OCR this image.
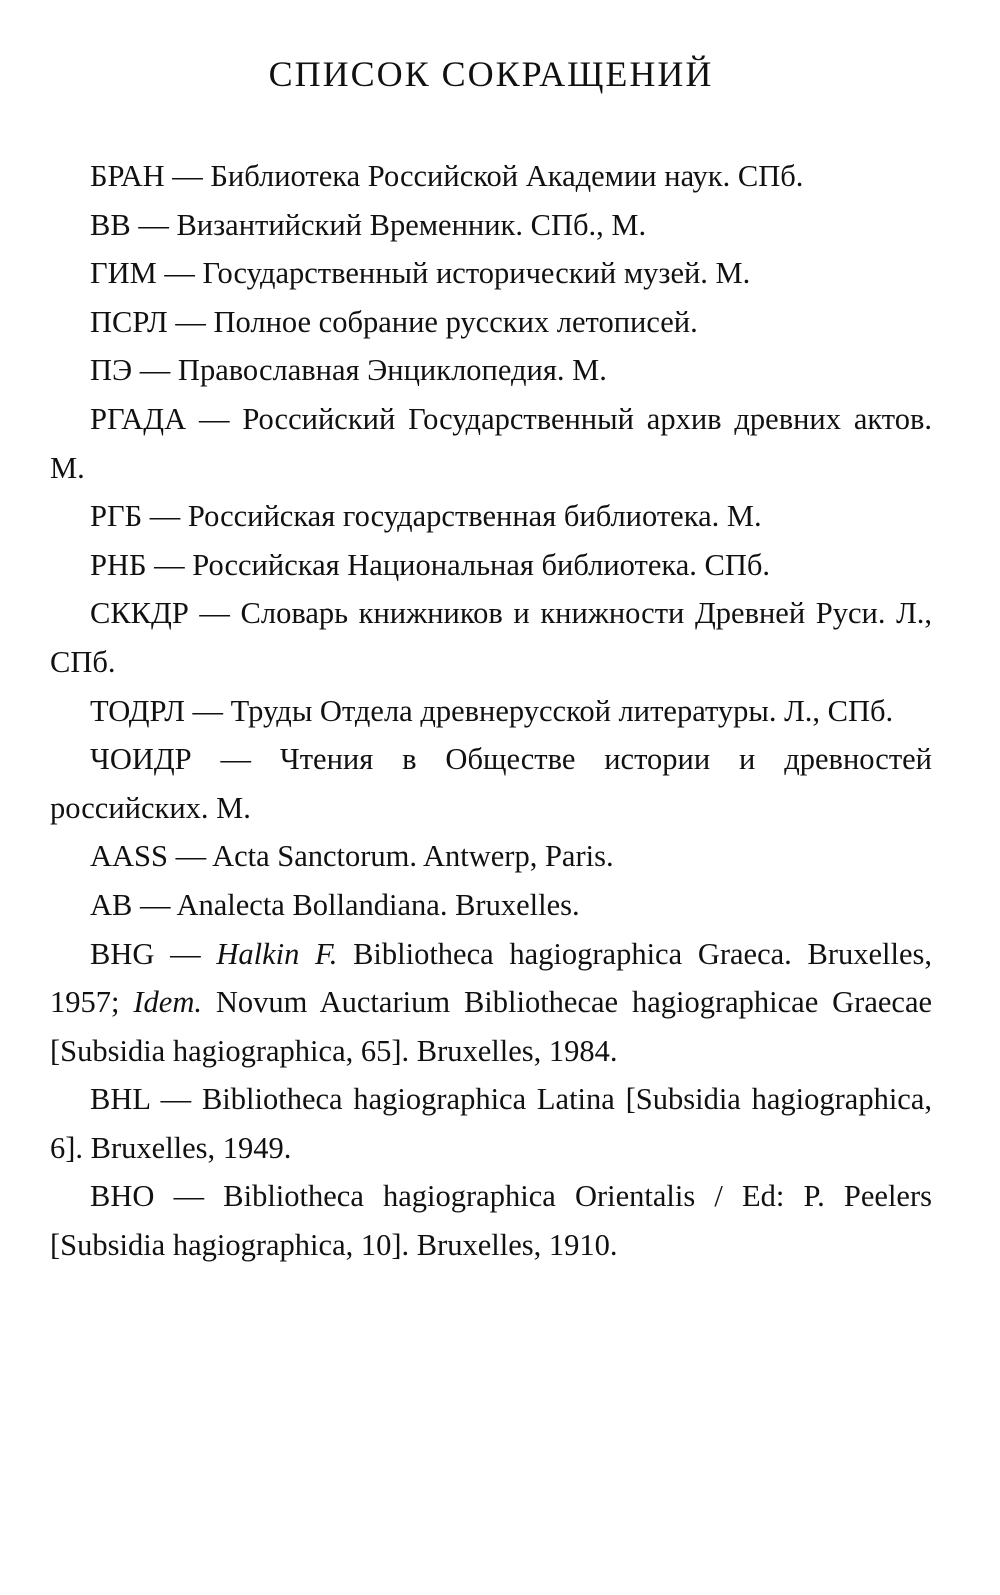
СПИСОК СОКРАЩЕНИЙ

БРАН — Библиотека Российской Академии наук. СПб.

ВВ — Византийский Временник. СПб., М.

ГИМ — Государственный исторический музей. М.

ПСРЛ — Полное собрание русских летописей.

ПЭ — Православная Энциклопедия. М.

РГАДА — Российский Государственный архив древних актов. М.

РГБ — Российская государственная библиотека. М.

РНБ — Российская Национальная библиотека. СПб.

СККДР — Словарь книжников и книжности Древней Руси. Л., СПб.

ТОДРЛ — Труды Отдела древнерусской литературы. Л., СПб.

ЧОИДР — Чтения в Обществе истории и древностей российских. М.

AASS — Acta Sanctorum. Antwerp, Paris.

AB — Analecta Bollandiana. Bruxelles.

BHG — Halkin F. Bibliotheca hagiographica Graeca. Bruxelles, 1957; Idem. Novum Auctarium Bibliothecae hagiographicae Graecae [Subsidia hagiographica, 65]. Bruxelles, 1984.

BHL — Bibliotheca hagiographica Latina [Subsidia hagiographica, 6]. Bruxelles, 1949.

BHO — Bibliotheca hagiographica Orientalis / Ed: P. Peelers [Subsidia hagiographica, 10]. Bruxelles, 1910.
